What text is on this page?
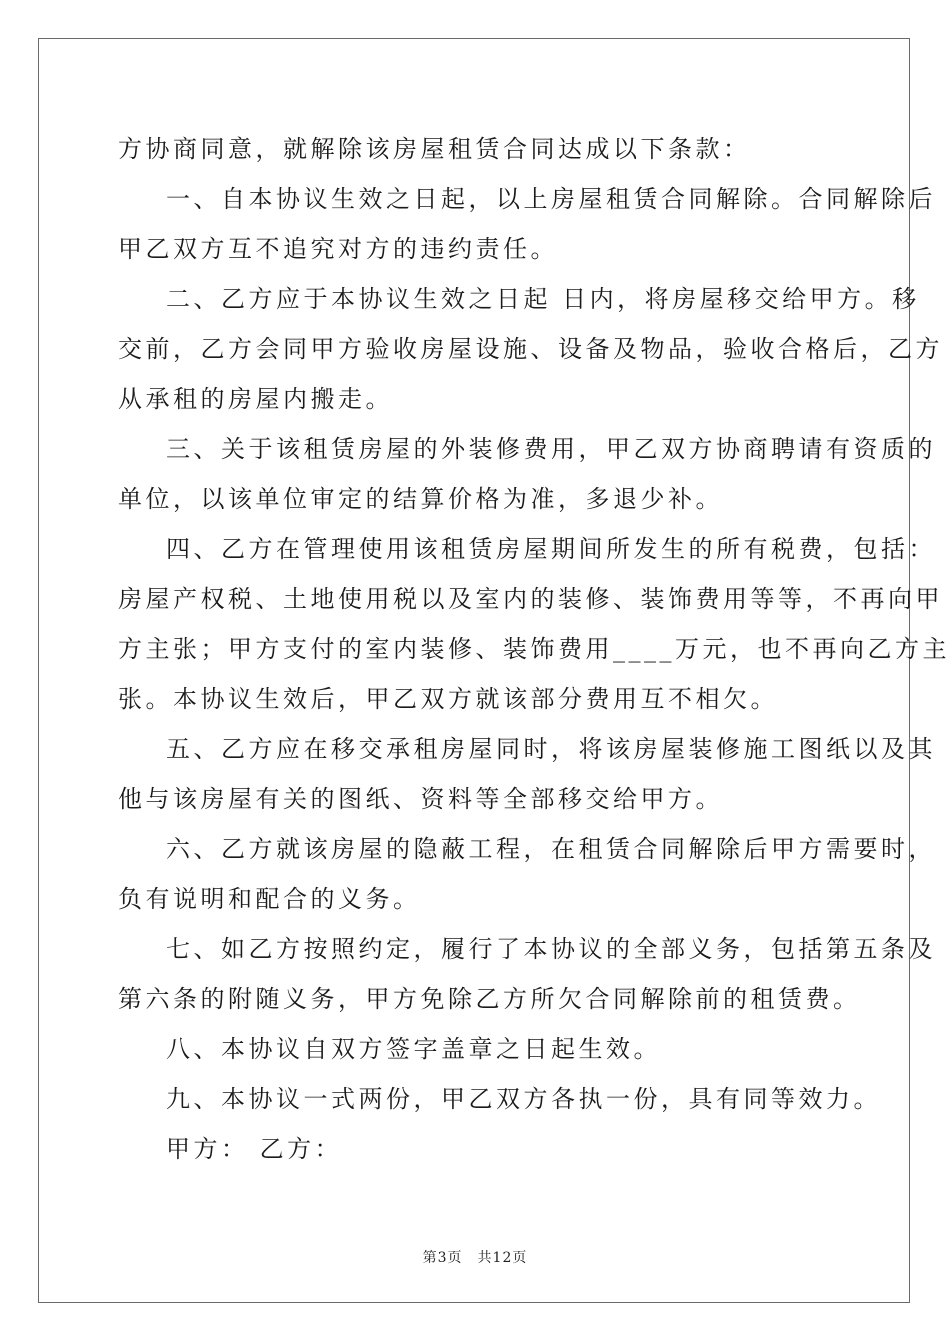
方协商同意，就解除该房屋租赁合同达成以下条款：
一、自本协议生效之日起，以上房屋租赁合同解除。合同解除后
甲乙双方互不追究对方的违约责任。
二、乙方应于本协议生效之日起 日内，将房屋移交给甲方。移
交前，乙方会同甲方验收房屋设施、设备及物品，验收合格后，乙方
从承租的房屋内搬走。
三、关于该租赁房屋的外装修费用，甲乙双方协商聘请有资质的
单位，以该单位审定的结算价格为准，多退少补。
四、乙方在管理使用该租赁房屋期间所发生的所有税费，包括：
房屋产权税、土地使用税以及室内的装修、装饰费用等等，不再向甲
方主张；甲方支付的室内装修、装饰费用____万元，也不再向乙方主
张。本协议生效后，甲乙双方就该部分费用互不相欠。
五、乙方应在移交承租房屋同时，将该房屋装修施工图纸以及其
他与该房屋有关的图纸、资料等全部移交给甲方。
六、乙方就该房屋的隐蔽工程，在租赁合同解除后甲方需要时，
负有说明和配合的义务。
七、如乙方按照约定，履行了本协议的全部义务，包括第五条及
第六条的附随义务，甲方免除乙方所欠合同解除前的租赁费。
八、本协议自双方签字盖章之日起生效。
九、本协议一式两份，甲乙双方各执一份，具有同等效力。
甲方： 乙方：
第3页　共12页
